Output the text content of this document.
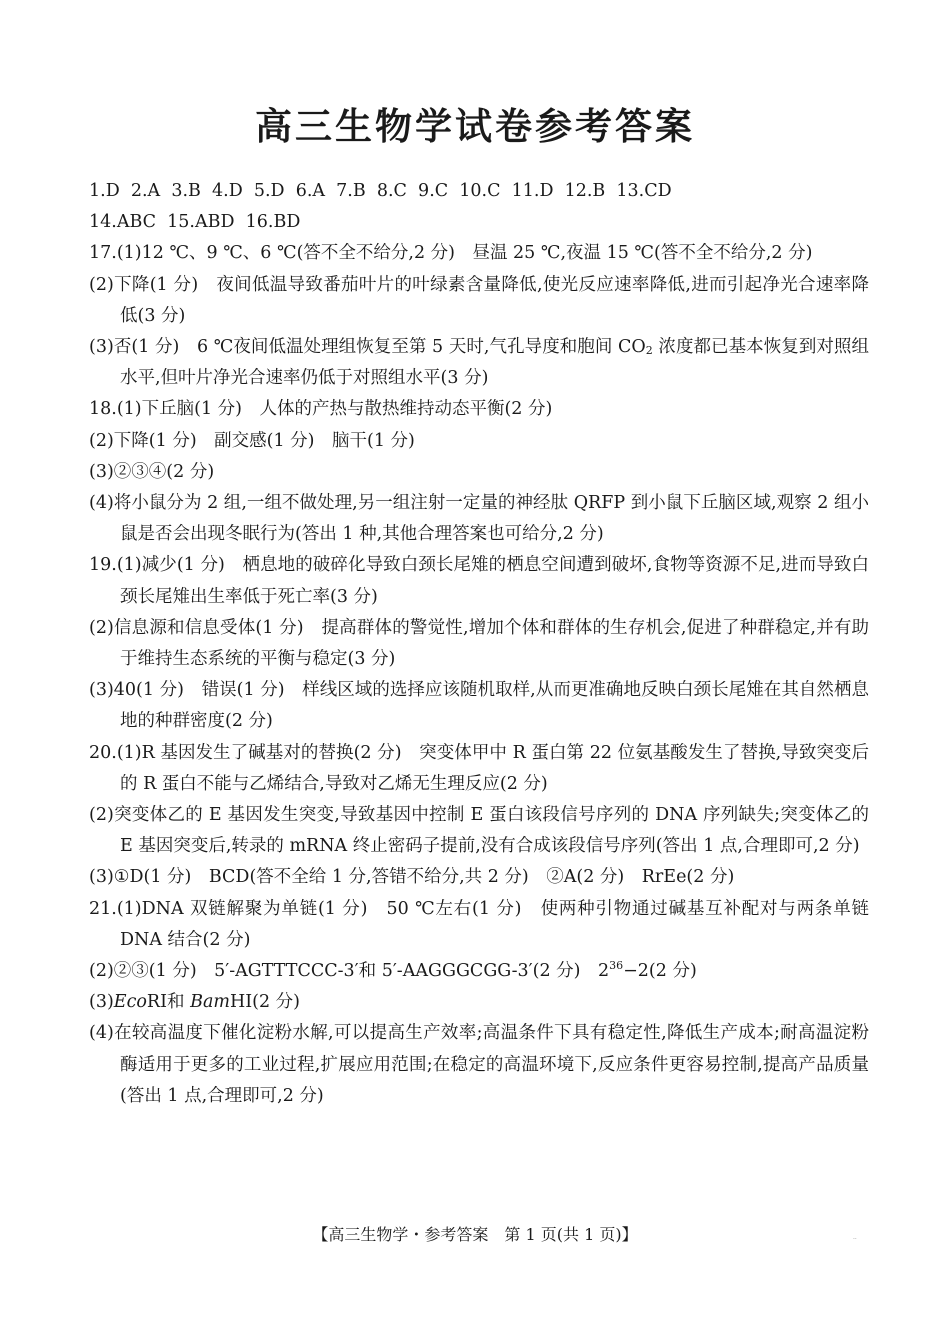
高三生物学试卷参考答案
1.D  2.A  3.B  4.D  5.D  6.A  7.B  8.C  9.C  10.C  11.D  12.B  13.CD
14.ABC  15.ABD  16.BD
17.(1)12 ℃、9 ℃、6 ℃(答不全不给分,2 分)　昼温 25 ℃,夜温 15 ℃(答不全不给分,2 分)
(2)下降(1 分)　夜间低温导致番茄叶片的叶绿素含量降低,使光反应速率降低,进而引起净光合速率降低(3 分)
(3)否(1 分)　6 ℃夜间低温处理组恢复至第 5 天时,气孔导度和胞间 $CO_2$ 浓度都已基本恢复到对照组水平,但叶片净光合速率仍低于对照组水平(3 分)
18.(1)下丘脑(1 分)　人体的产热与散热维持动态平衡(2 分)
(2)下降(1 分)　副交感(1 分)　脑干(1 分)
(3)②③④(2 分)
(4)将小鼠分为 2 组,一组不做处理,另一组注射一定量的神经肽 QRFP 到小鼠下丘脑区域,观察 2 组小鼠是否会出现冬眠行为(答出 1 种,其他合理答案也可给分,2 分)
19.(1)减少(1 分)　栖息地的破碎化导致白颈长尾雉的栖息空间遭到破坏,食物等资源不足,进而导致白颈长尾雉出生率低于死亡率(3 分)
(2)信息源和信息受体(1 分)　提高群体的警觉性,增加个体和群体的生存机会,促进了种群稳定,并有助于维持生态系统的平衡与稳定(3 分)
(3)40(1 分)　错误(1 分)　样线区域的选择应该随机取样,从而更准确地反映白颈长尾雉在其自然栖息地的种群密度(2 分)
20.(1)R 基因发生了碱基对的替换(2 分)　突变体甲中 R 蛋白第 22 位氨基酸发生了替换,导致突变后的 R 蛋白不能与乙烯结合,导致对乙烯无生理反应(2 分)
(2)突变体乙的 E 基因发生突变,导致基因中控制 E 蛋白该段信号序列的 DNA 序列缺失;突变体乙的 E 基因突变后,转录的 mRNA 终止密码子提前,没有合成该段信号序列(答出 1 点,合理即可,2 分)
(3)①D(1 分)　BCD(答不全给 1 分,答错不给分,共 2 分)　②A(2 分)　RrEe(2 分)
21.(1)DNA 双链解聚为单链(1 分)　50 ℃左右(1 分)　使两种引物通过碱基互补配对与两条单链 DNA 结合(2 分)
(2)②③(1 分)　5′-AGTTTCCC-3′和 5′-AAGGGCGG-3′(2 分)　$2^{36}-2(2$ 分)
(3)EcoRⅠ和 BamHⅠ(2 分)
(4)在较高温度下催化淀粉水解,可以提高生产效率;高温条件下具有稳定性,降低生产成本;耐高温淀粉酶适用于更多的工业过程,扩展应用范围;在稳定的高温环境下,反应条件更容易控制,提高产品质量(答出 1 点,合理即可,2 分)
【高三生物学・参考答案　第 1 页(共 1 页)】	..
